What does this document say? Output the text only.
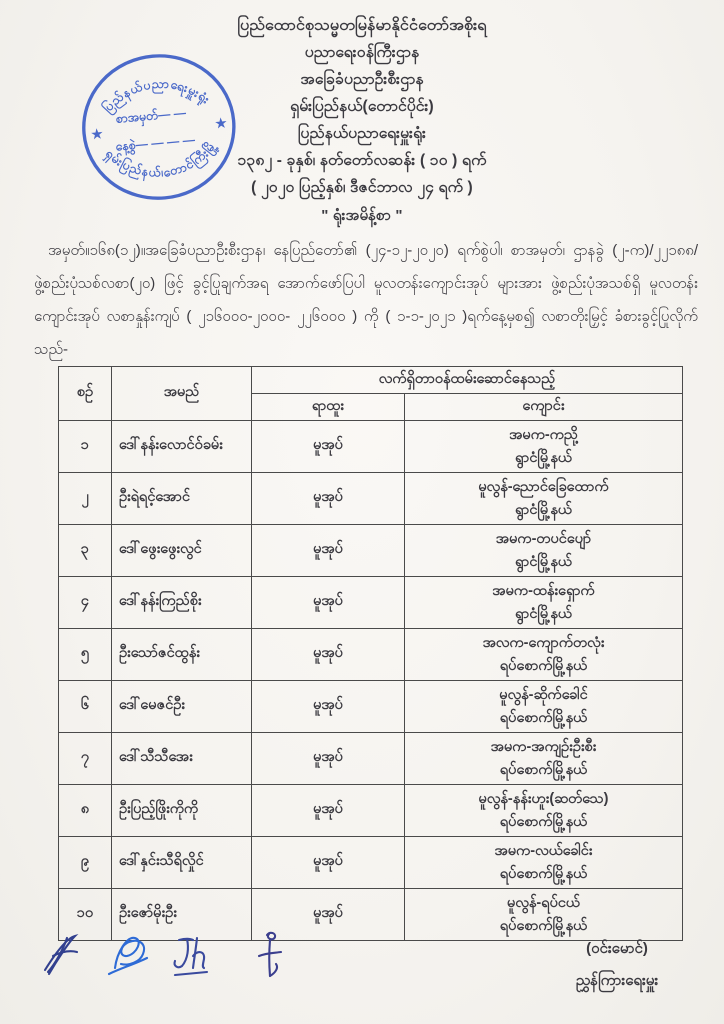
ပြည်ထောင်စုသမ္မတမြန်မာနိုင်ငံတော်အစိုးရ
ပညာရေးဝန်ကြီးဌာန
အခြေခံပညာဦးစီးဌာန
ရှမ်းပြည်နယ်(တောင်ပိုင်း)
ပြည်နယ်ပညာရေးမှူးရုံး
၁၃၈၂ - ခုနှစ်၊ နတ်တော်လဆန်း ( ၁၀ ) ရက်
( ၂၀၂၀ ပြည့်နှစ်၊ ဒီဇင်ဘာလ ၂၄ ရက် )
" ရုံးအမိန့်စာ "
ပြည်နယ်ပညာရေးမှူးရုံး
ရှမ်းပြည်နယ်၊တောင်ကြီးမြို့
★
★
စာအမှတ်— —
နေ့စွဲ— — — —
အမှတ်။၁၆၈(၁၂)။အခြေခံပညာဦးစီးဌာန၊ နေပြည်တော်၏ (၂၄-၁၂-၂၀၂၀) ရက်စွဲပါ၊ စာအမှတ်၊ ဌာနခွဲ (၂-က)/၂၂၁၈၈/ဖွဲ့စည်းပုံသစ်လစာ(၂၀) ဖြင့် ခွင့်ပြုချက်အရ အောက်ဖော်ပြပါ မူလတန်းကျောင်းအုပ် များအား ဖွဲ့စည်းပုံအသစ်ရှိ မူလတန်းကျောင်းအုပ် လစာနှုန်းကျပ် ( ၂၁၆၀၀၀-၂၀၀၀- ၂၂၆၀၀၀ ) ကို ( ၁-၁-၂၀၂၁ )ရက်နေ့မှစ၍ လစာတိုးမြှင့် ခံစားခွင့်ပြုလိုက်သည်-
စဉ်	အမည်	လက်ရှိတာဝန်ထမ်းဆောင်နေသည့်	
		ရာထူး	ကျောင်း
၁	ဒေါ်နန်းလောင်ဝ်ခမ်း	မူအုပ်	အမက-ကညို့
ရွာငံမြို့နယ်

၂	ဦးရဲရင့်အောင်	မူအုပ်	မူလွန်-ညောင်ခြေထောက်
ရွာငံမြို့နယ်

၃	ဒေါ်ဖွေးဖွေးလွင်	မူအုပ်	အမက-တပင်ပျော်
ရွာငံမြို့နယ်

၄	ဒေါ်နန်းကြည်စိုး	မူအုပ်	အမက-ထန်းရှောက်
ရွာငံမြို့နယ်

၅	ဦးသော်ဇင်ထွန်း	မူအုပ်	အလက-ကျောက်တလုံး
ရပ်စောက်မြို့နယ်

၆	ဒေါ်မေဇင်ဦး	မူအုပ်	မူလွန်-ဆိုက်ခေါင်
ရပ်စောက်မြို့နယ်

၇	ဒေါ်သီသီအေး	မူအုပ်	အမက-အကျဉ်းဦးစီး
ရပ်စောက်မြို့နယ်

၈	ဦးပြည့်ဖြိုးကိုကို	မူအုပ်	မူလွန်-နန်းဟူး(ဆတ်သေ)
ရပ်စောက်မြို့နယ်

၉	ဒေါ်နှင်းသီရိလှိုင်	မူအုပ်	အမက-လယ်ခေါင်း
ရပ်စောက်မြို့နယ်

၁၀	ဦးဇော်မိုးဦး	မူအုပ်	မူလွန်-ရပ်ငယ်
ရပ်စောက်မြို့နယ်
(ဝင်းမောင်)
ညွှန်ကြားရေးမှူး
